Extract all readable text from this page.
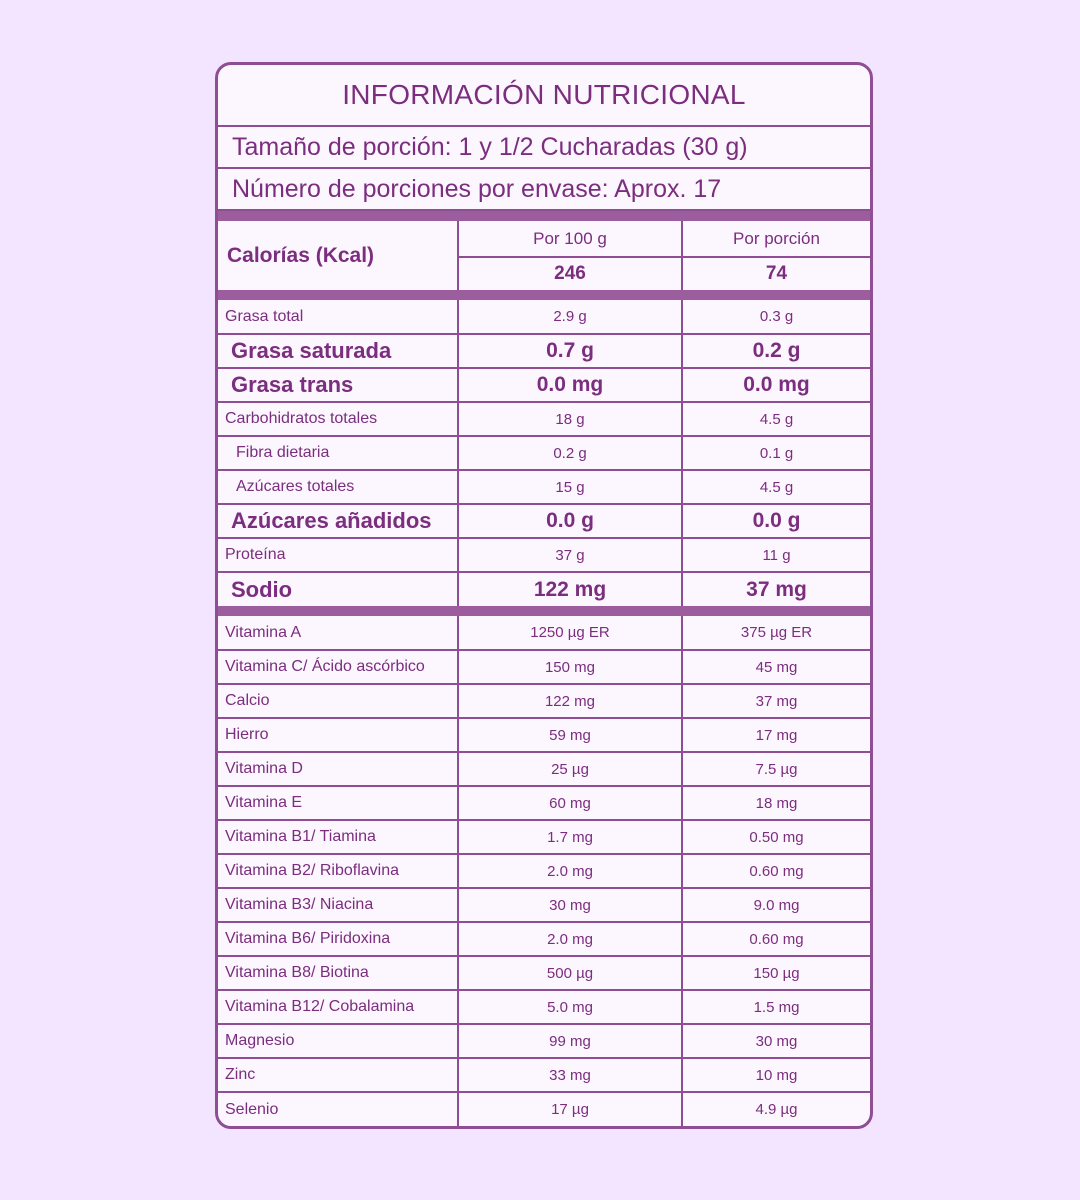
INFORMACIÓN NUTRICIONAL
Tamaño de porción: 1 y 1/2 Cucharadas (30 g)
Número de porciones por envase: Aprox. 17
Calorías (Kcal)	Por 100 g	Por porción
	246	74
Grasa total	2.9 g	0.3 g
Grasa saturada	0.7 g	0.2 g
Grasa trans	0.0 mg	0.0 mg
Carbohidratos totales	18 g	4.5 g
Fibra dietaria	0.2 g	0.1 g
Azúcares totales	15 g	4.5 g
Azúcares añadidos	0.0 g	0.0 g
Proteína	37 g	11 g
Sodio	122 mg	37 mg
Vitamina A	1250 µg ER	375 µg ER
Vitamina C/ Ácido ascórbico	150 mg	45 mg
Calcio	122 mg	37 mg
Hierro	59 mg	17 mg
Vitamina D	25 µg	7.5 µg
Vitamina E	60 mg	18 mg
Vitamina B1/ Tiamina	1.7 mg	0.50 mg
Vitamina B2/ Riboflavina	2.0 mg	0.60 mg
Vitamina B3/ Niacina	30 mg	9.0 mg
Vitamina B6/ Piridoxina	2.0 mg	0.60 mg
Vitamina B8/ Biotina	500 µg	150 µg
Vitamina B12/ Cobalamina	5.0 mg	1.5 mg
Magnesio	99 mg	30 mg
Zinc	33 mg	10 mg
Selenio	17 µg	4.9 µg
